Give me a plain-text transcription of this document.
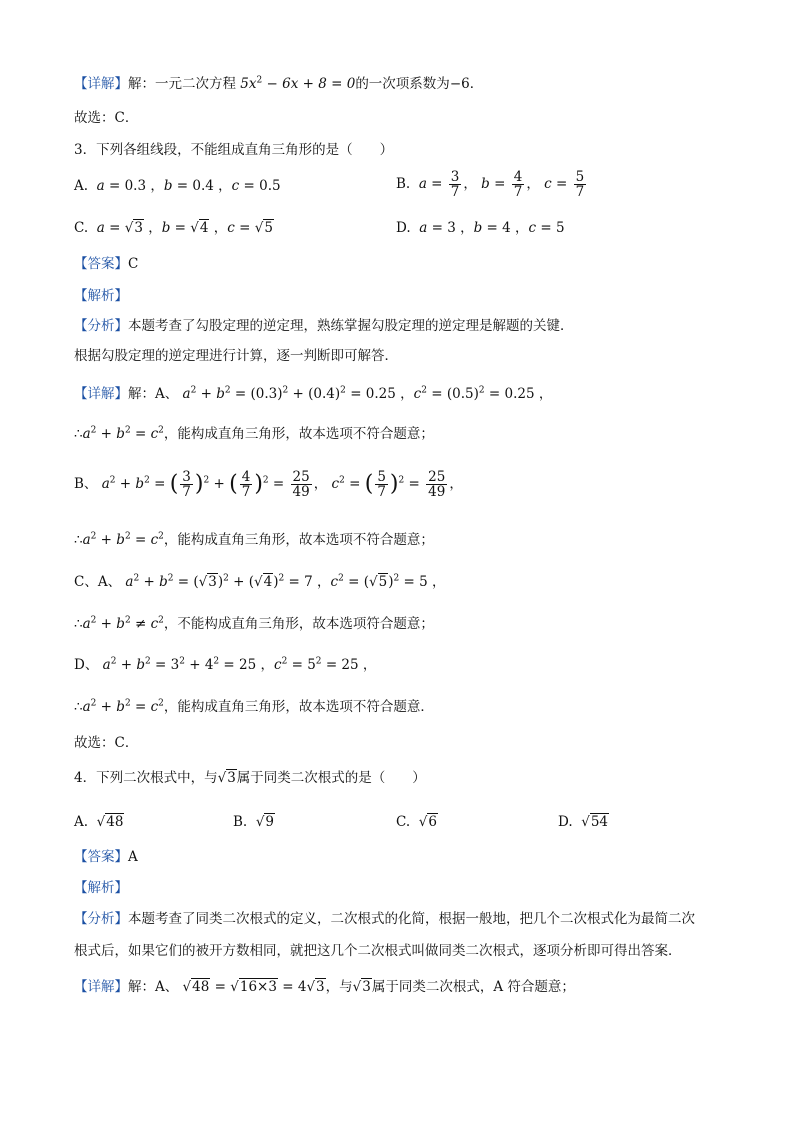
【详解】解：一元二次方程 $5x^2 - 6x + 8 = 0$的一次项系数为−6．
故选：C．
3．下列各组线段，不能组成直角三角形的是（　　）
A. a = 0.3 ，b = 0.4 ，c = 0.5	B. $a = \frac{3}{7}$ ， $b = \frac{4}{7}$ ， $c = \frac{5}{7}$
C. a = √3 ，b = √4 ，c = √5	D. a = 3 ，b = 4 ，c = 5
【答案】C
【解析】
【分析】本题考查了勾股定理的逆定理，熟练掌握勾股定理的逆定理是解题的关键．
根据勾股定理的逆定理进行计算，逐一判断即可解答．
【详解】解：A、 $a^2 + b^2 = (0.3)^2 + (0.4)^2 = 0.25$ ，$c^2 = (0.5)^2 = 0.25$ ，
$\therefore a^2 + b^2 = c^2$，能构成直角三角形，故本选项不符合题意；
B、 $a^2 + b^2$ = ( $\frac{3}{7} )^2$ + ( $\frac{4}{7} )^2 = \frac{25}{49}$ ， $c^2$ = ( $\frac{5}{7} )^2 = \frac{25}{49}$ ，
$\therefore a^2 + b^2 = c^2$，能构成直角三角形，故本选项不符合题意；
C、A、 $a^2 + b^2 = (√3)^2 + (√4)^2 = 7$ ，$c^2 = (√5)^2 = 5$ ，
$\therefore a^2 + b^2 \ne c^2$，不能构成直角三角形，故本选项符合题意；
D、 $a^2 + b^2 = 3^2 + 4^2 = 25$ ，$c^2 = 5^2 = 25$ ，
$\therefore a^2 + b^2 = c^2$，能构成直角三角形，故本选项不符合题意．
故选：C．
4．下列二次根式中，与√3属于同类二次根式的是（　　）
A. √48	B. √9	C. √6	D. √54
【答案】A
【解析】
【分析】本题考查了同类二次根式的定义，二次根式的化简，根据一般地，把几个二次根式化为最简二次
根式后，如果它们的被开方数相同，就把这几个二次根式叫做同类二次根式，逐项分析即可得出答案．
【详解】解：A、 √48 = √16×3 = 4√3，与√3属于同类二次根式，A 符合题意；
